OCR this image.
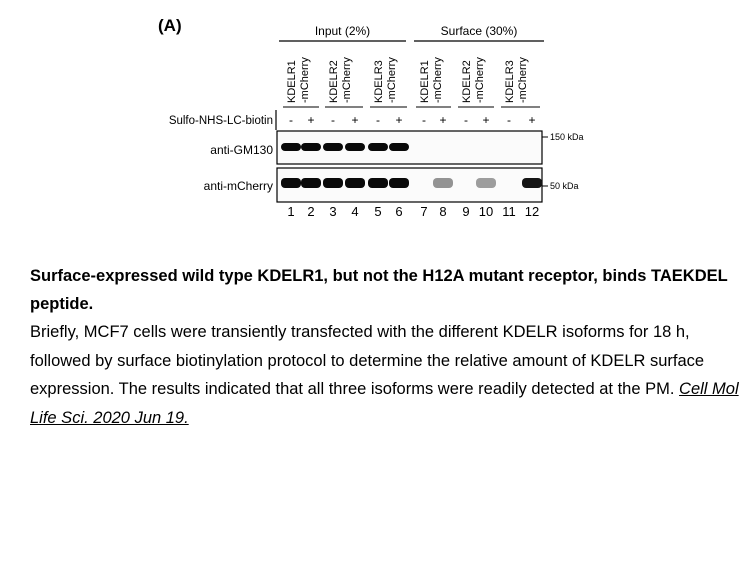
(A)	Input (2%)	Surface (30%)
KDELR1 -mCherry KDELR2 -mCherry KDELR3 -mCherry KDELR1 -mCherry KDELR2 -mCherry KDELR3 -mCherry
Sulfo-NHS-LC-biotin - + - + - + - + - + - +
anti-GM130
150 kDa
anti-mCherry	50 kDa
1 2 3 4 5 6 7 8 9 10 11 12

Surface-expressed wild type KDELR1, but not the H12A mutant receptor, binds TAEKDEL peptide.

Briefly, MCF7 cells were transiently transfected with the different KDELR isoforms for 18 h, followed by surface biotinylation protocol to determine the relative amount of KDELR surface expression. The results indicated that all three isoforms were readily detected at the PM. Cell Mol Life Sci. 2020 Jun 19.
